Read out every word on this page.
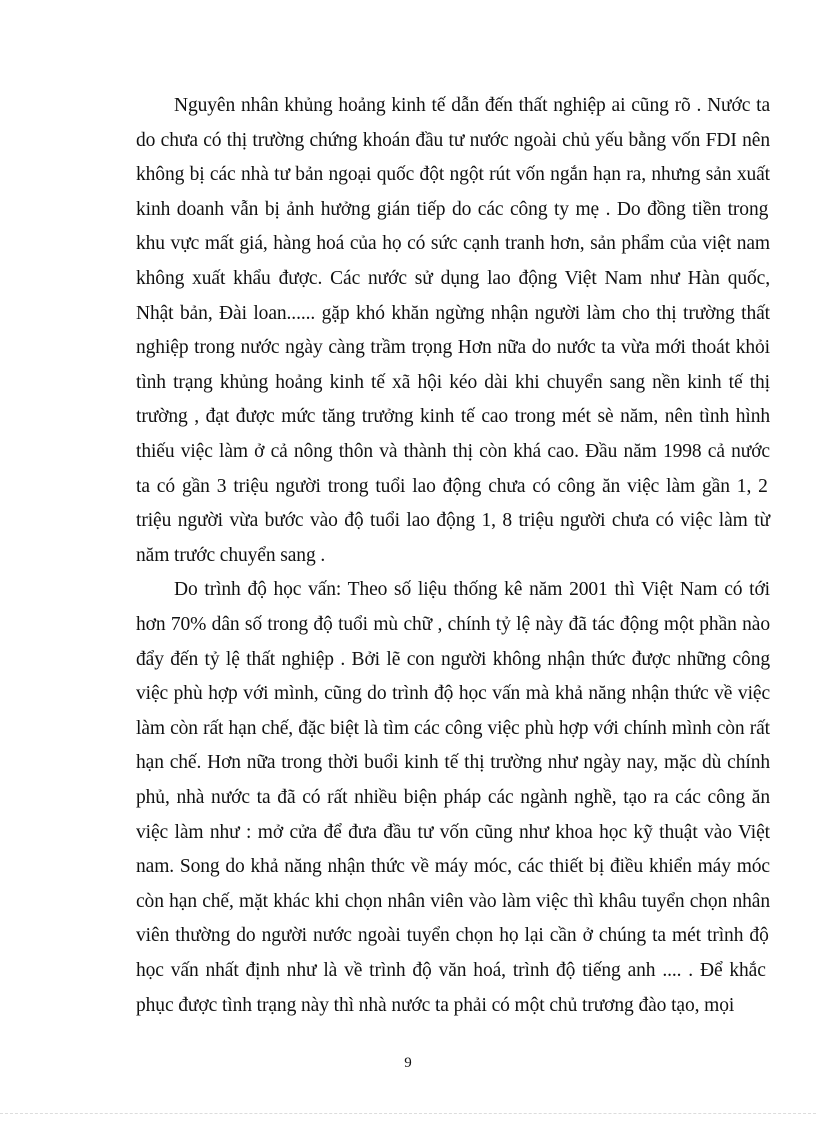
Nguyên nhân khủng hoảng kinh tế dẫn đến thất nghiệp ai cũng rõ . Nước ta
do chưa có thị trường chứng khoán đầu tư nước ngoài chủ yếu bằng vốn FDI nên
không bị các nhà tư bản ngoại quốc đột ngột rút vốn ngắn hạn ra, nhưng sản xuất
kinh doanh vẫn bị ảnh hưởng gián tiếp do các công ty mẹ . Do đồng tiền trong
khu vực mất giá, hàng hoá của họ có sức cạnh tranh hơn, sản phẩm của việt nam
không xuất khẩu được. Các nước sử dụng lao động Việt Nam như Hàn quốc,
Nhật bản, Đài loan...... gặp khó khăn ngừng nhận người làm cho thị trường thất
nghiệp trong nước ngày càng trầm trọng Hơn nữa do nước ta vừa mới thoát khỏi
tình trạng khủng hoảng kinh tế xã hội kéo dài khi chuyển sang nền kinh tế thị
trường , đạt được mức tăng trưởng kinh tế cao trong mét sè năm, nên tình hình
thiếu việc làm ở cả nông thôn và thành thị còn khá cao. Đầu năm 1998 cả nước
ta có gần 3 triệu người trong tuổi lao động chưa có công ăn việc làm gần 1, 2
triệu người vừa bước vào độ tuổi lao động 1, 8 triệu người chưa có việc làm từ
năm trước chuyển sang .
Do trình độ học vấn: Theo số liệu thống kê năm 2001 thì Việt Nam có tới
hơn 70% dân số trong độ tuổi mù chữ , chính tỷ lệ này đã tác động một phần nào
đẩy đến tỷ lệ thất nghiệp . Bởi lẽ con người không nhận thức được những công
việc phù hợp với mình, cũng do trình độ học vấn mà khả năng nhận thức về việc
làm còn rất hạn chế, đặc biệt là tìm các công việc phù hợp với chính mình còn rất
hạn chế. Hơn nữa trong thời buổi kinh tế thị trường như ngày nay, mặc dù chính
phủ, nhà nước ta đã có rất nhiều biện pháp các ngành nghề, tạo ra các công ăn
việc làm như : mở cửa để đưa đầu tư vốn cũng như khoa học kỹ thuật vào Việt
nam. Song do khả năng nhận thức về máy móc, các thiết bị điều khiển máy móc
còn hạn chế, mặt khác khi chọn nhân viên vào làm việc thì khâu tuyển chọn nhân
viên thường do người nước ngoài tuyển chọn họ lại cần ở chúng ta mét trình độ
học vấn nhất định như là về trình độ văn hoá, trình độ tiếng anh .... . Để khắc
phục được tình trạng này thì nhà nước ta phải có một chủ trương đào tạo, mọi
9
